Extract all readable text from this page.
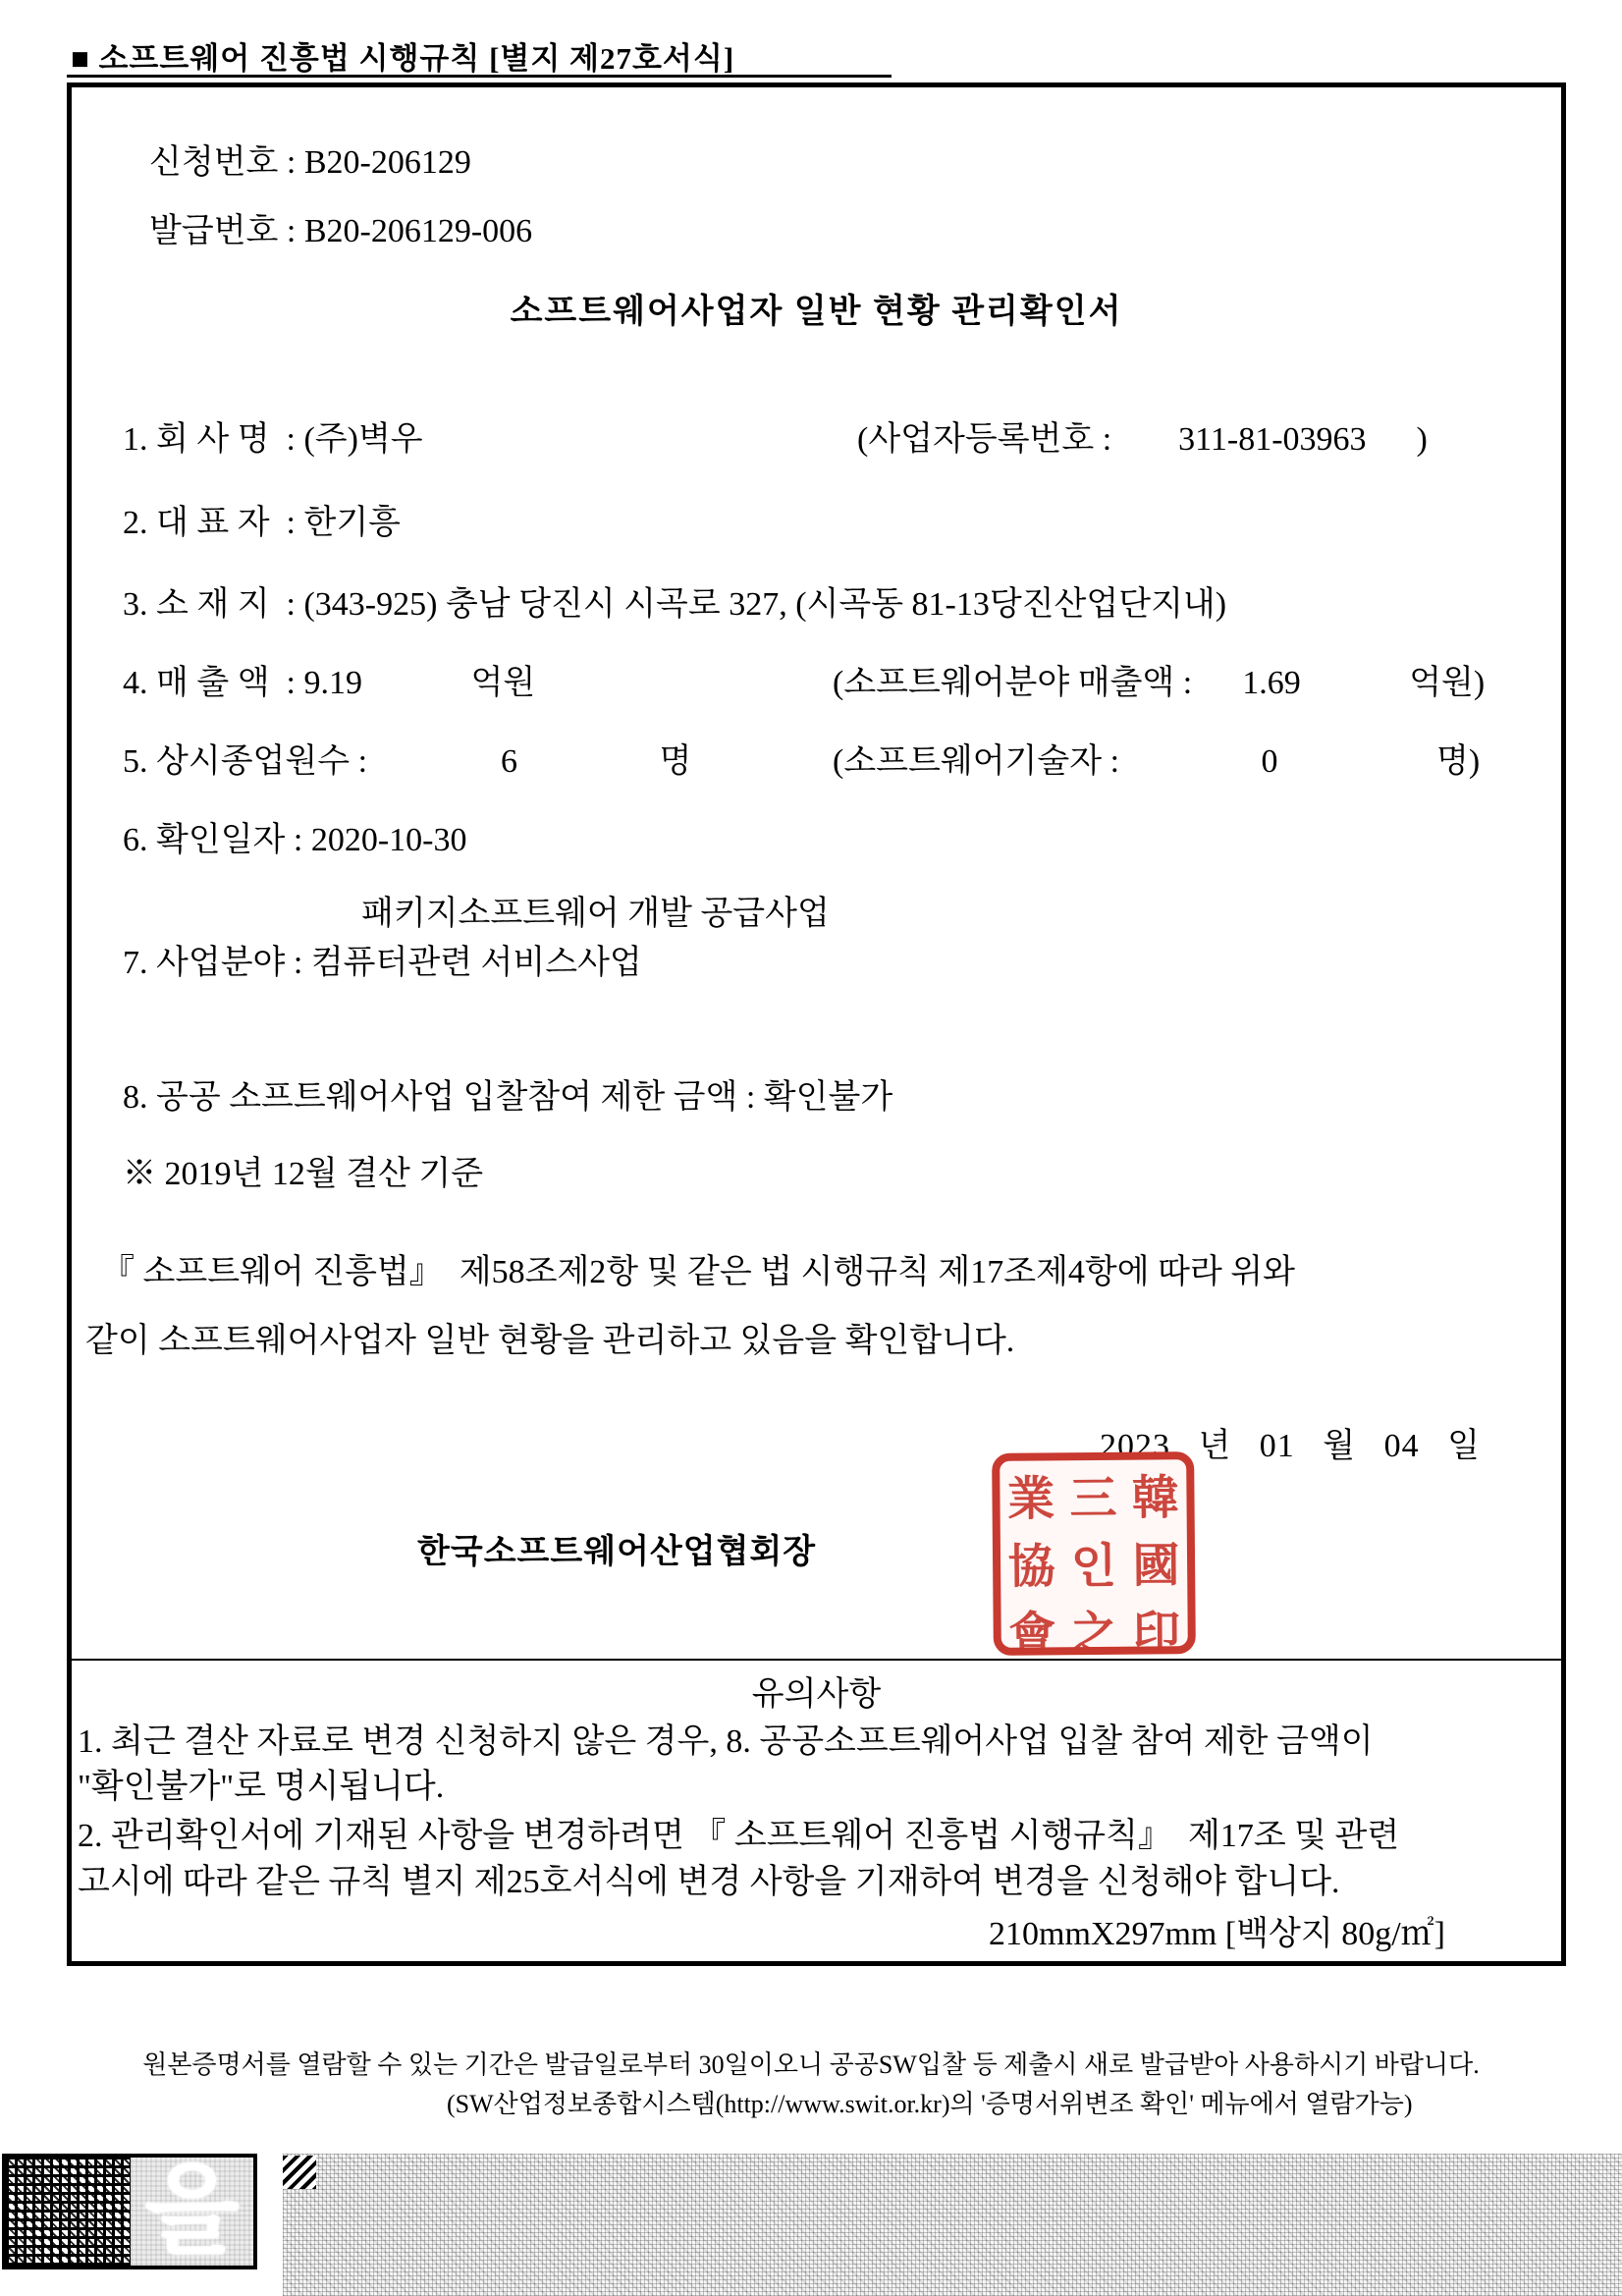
■ 소프트웨어 진흥법 시행규칙 [별지 제27호서식]

신청번호 : B20-206129

발급번호 : B20-206129-006

소프트웨어사업자 일반 현황 관리확인서
1. 회 사 명  : (주)벽우	(사업자등록번호 :        311-81-03963      )
2. 대 표 자  : 한기흥
3. 소 재 지  : (343-925) 충남 당진시 시곡로 327, (시곡동 81-13당진산업단지내)
4. 매 출 액  : 9.19             억원	(소프트웨어분야 매출액 :      1.69             억원)
5. 상시종업원수 :                6                 명	(소프트웨어기술자 :                 0                   명)
6. 확인일자 : 2020-10-30
패키지소프트웨어 개발 공급사업
7. 사업분야 : 컴퓨터관련 서비스사업
8. 공공 소프트웨어사업 입찰참여 제한 금액 : 확인불가
※ 2019년 12월 결산 기준
『 소프트웨어 진흥법』  제58조제2항 및 같은 법 시행규칙 제17조제4항에 따라 위와
같이 소프트웨어사업자 일반 현황을 관리하고 있음을 확인합니다.
2023   년   01   월   04   일
한국소프트웨어산업협회장
業 三 韓
協 인 國
會 之 印
유의사항
1. 최근 결산 자료로 변경 신청하지 않은 경우, 8. 공공소프트웨어사업 입찰 참여 제한 금액이
"확인불가"로 명시됩니다.
2. 관리확인서에 기재된 사항을 변경하려면 『 소프트웨어 진흥법 시행규칙』  제17조 및 관련
고시에 따라 같은 규칙 별지 제25호서식에 변경 사항을 기재하여 변경을 신청해야 합니다.
210mmX297mm [백상지 80g/㎡]
원본증명서를 열람할 수 있는 기간은 발급일로부터 30일이오니 공공SW입찰 등 제출시 새로 발급받아 사용하시기 바랍니다.
(SW산업정보종합시스템(http://www.swit.or.kr)의 '증명서위변조 확인' 메뉴에서 열람가능)
을
